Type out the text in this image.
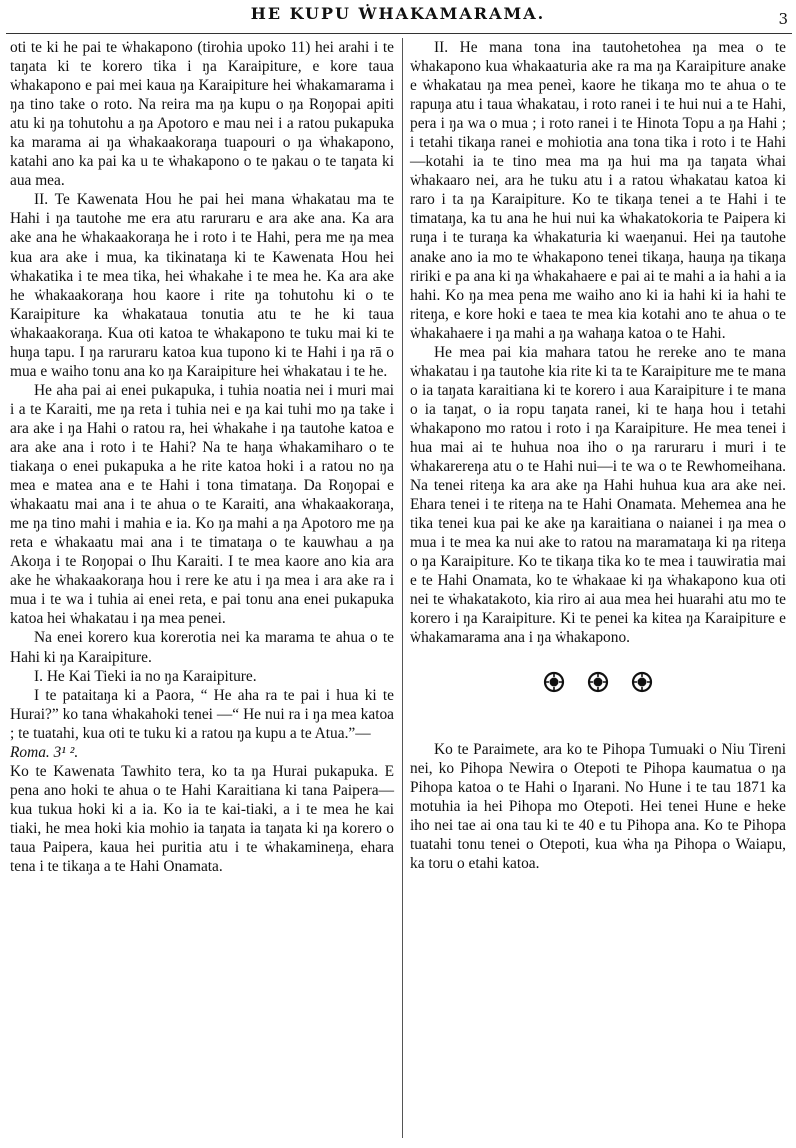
HE KUPU ẆHAKAMARAMA.	3

oti te ki he pai te ẇhakapono (tirohia upoko 11) hei arahi i te taŋata ki te korero tika i ŋa Karaipiture, e kore taua ẇhakapono e pai mei kaua ŋa Karaipiture hei ẇhakamarama i ŋa tino take o roto. Na reira ma ŋa kupu o ŋa Roŋopai apiti atu ki ŋa tohutohu a ŋa Apotoro e mau nei i a ratou pukapuka ka marama ai ŋa ẇhakaakoraŋa tuapouri o ŋa ẇhakapono, katahi ano ka pai ka u te ẇhakapono o te ŋakau o te taŋata ki aua mea.

II. Te Kawenata Hou he pai hei mana ẇhakatau ma te Hahi i ŋa tautohe me era atu raruraru e ara ake ana. Ka ara ake ana he ẇhakaakoraŋa he i roto i te Hahi, pera me ŋa mea kua ara ake i mua, ka tikinataŋa ki te Kawenata Hou hei ẇhakatika i te mea tika, hei ẇhakahe i te mea he. Ka ara ake he ẇhakaakoraŋa hou kaore i rite ŋa tohutohu ki o te Karaipiture ka ẇhakataua tonutia atu te he ki taua ẇhakaakoraŋa. Kua oti katoa te ẇhakapono te tuku mai ki te huŋa tapu. I ŋa raruraru katoa kua tupono ki te Hahi i ŋa rā o mua e waiho tonu ana ko ŋa Karaipiture hei ẇhakatau i te he.

He aha pai ai enei pukapuka, i tuhia noatia nei i muri mai i a te Karaiti, me ŋa reta i tuhia nei e ŋa kai tuhi mo ŋa take i ara ake i ŋa Hahi o ratou ra, hei ẇhakahe i ŋa tautohe katoa e ara ake ana i roto i te Hahi? Na te haŋa ẇhakamiharo o te tiakaŋa o enei pukapuka a he rite katoa hoki i a ratou no ŋa mea e matea ana e te Hahi i tona timataŋa. Da Roŋopai e ẇhakaatu mai ana i te ahua o te Karaiti, ana ẇhakaakoraŋa, me ŋa tino mahi i mahia e ia. Ko ŋa mahi a ŋa Apotoro me ŋa reta e ẇhakaatu mai ana i te timataŋa o te kauwhau a ŋa Akoŋa i te Roŋopai o Ihu Karaiti. I te mea kaore ano kia ara ake he ẇhakaakoraŋa hou i rere ke atu i ŋa mea i ara ake ra i mua i te wa i tuhia ai enei reta, e pai tonu ana enei pukapuka katoa hei ẇhakatau i ŋa mea penei.

Na enei korero kua korerotia nei ka marama te ahua o te Hahi ki ŋa Karaipiture.

I. He Kai Tieki ia no ŋa Karaipiture.

I te pataitaŋa ki a Paora, “ He aha ra te pai i hua ki te Hurai?” ko tana ẇhakahoki tenei —“ He nui ra i ŋa mea katoa ; te tuatahi, kua oti te tuku ki a ratou ŋa kupu a te Atua.”—

Roma. 3¹ ².

Ko te Kawenata Tawhito tera, ko ta ŋa Hurai pukapuka. E pena ano hoki te ahua o te Hahi Karaitiana ki tana Paipera—kua tukua hoki ki a ia. Ko ia te kai-tiaki, a i te mea he kai tiaki, he mea hoki kia mohio ia taŋata ia taŋata ki ŋa korero o taua Paipera, kaua hei puritia atu i te ẇhakamineŋa, ehara tena i te tikaŋa a te Hahi Onamata.

II. He mana tona ina tautohetohea ŋa mea o te ẇhakapono kua ẇhakaaturia ake ra ma ŋa Karaipiture anake e ẇhakatau ŋa mea peneì, kaore he tikaŋa mo te ahua o te rapuŋa atu i taua ẇhakatau, i roto ranei i te hui nui a te Hahi, pera i ŋa wa o mua ; i roto ranei i te Hinota Topu a ŋa Hahi ; i tetahi tikaŋa ranei e mohiotia ana tona tika i roto i te Hahi—kotahi ia te tino mea ma ŋa hui ma ŋa taŋata ẇhai ẇhakaaro nei, ara he tuku atu i a ratou ẇhakatau katoa ki raro i ta ŋa Karaipiture. Ko te tikaŋa tenei a te Hahi i te timataŋa, ka tu ana he hui nui ka ẇhakatokoria te Paipera ki ruŋa i te turaŋa ka ẇhakaturia ki waeŋanui. Hei ŋa tautohe anake ano ia mo te ẇhakapono tenei tikaŋa, hauŋa ŋa tikaŋa ririki e pa ana ki ŋa ẇhakahaere e pai ai te mahi a ia hahi a ia hahi. Ko ŋa mea pena me waiho ano ki ia hahi ki ia hahi te riteŋa, e kore hoki e taea te mea kia kotahi ano te ahua o te ẇhakahaere i ŋa mahi a ŋa wahaŋa katoa o te Hahi.

He mea pai kia mahara tatou he rereke ano te mana ẇhakatau i ŋa tautohe kia rite ki ta te Karaipiture me te mana o ia taŋata karaitiana ki te korero i aua Karaipiture i te mana o ia taŋat, o ia ropu taŋata ranei, ki te haŋa hou i tetahi ẇhakapono mo ratou i roto i ŋa Karaipiture. He mea tenei i hua mai ai te huhua noa iho o ŋa raruraru i muri i te ẇhakarereŋa atu o te Hahi nui—i te wa o te Rewhomeihana. Na tenei riteŋa ka ara ake ŋa Hahi huhua kua ara ake nei. Ehara tenei i te riteŋa na te Hahi Onamata. Mehemea ana he tika tenei kua pai ke ake ŋa karaitiana o naianei i ŋa mea o mua i te mea ka nui ake to ratou na maramataŋa ki ŋa riteŋa o ŋa Karaipiture. Ko te tikaŋa tika ko te mea i tauwiratia mai e te Hahi Onamata, ko te ẇhakaae ki ŋa ẇhakapono kua oti nei te ẇhakatakoto, kia riro ai aua mea hei huarahi atu mo te korero i ŋa Karaipiture. Ki te penei ka kitea ŋa Karaipiture e ẇhakamarama ana i ŋa ẇhakapono.

Ko te Paraimete, ara ko te Pihopa Tumuaki o Niu Tireni nei, ko Pihopa Newira o Otepoti te Pihopa kaumatua o ŋa Pihopa katoa o te Hahi o Iŋarani. No Hune i te tau 1871 ka motuhia ia hei Pihopa mo Otepoti. Hei tenei Hune e heke iho nei tae ai ona tau ki te 40 e tu Pihopa ana. Ko te Pihopa tuatahi tonu tenei o Otepoti, kua ẇha ŋa Pihopa o Waiapu, ka toru o etahi katoa.
